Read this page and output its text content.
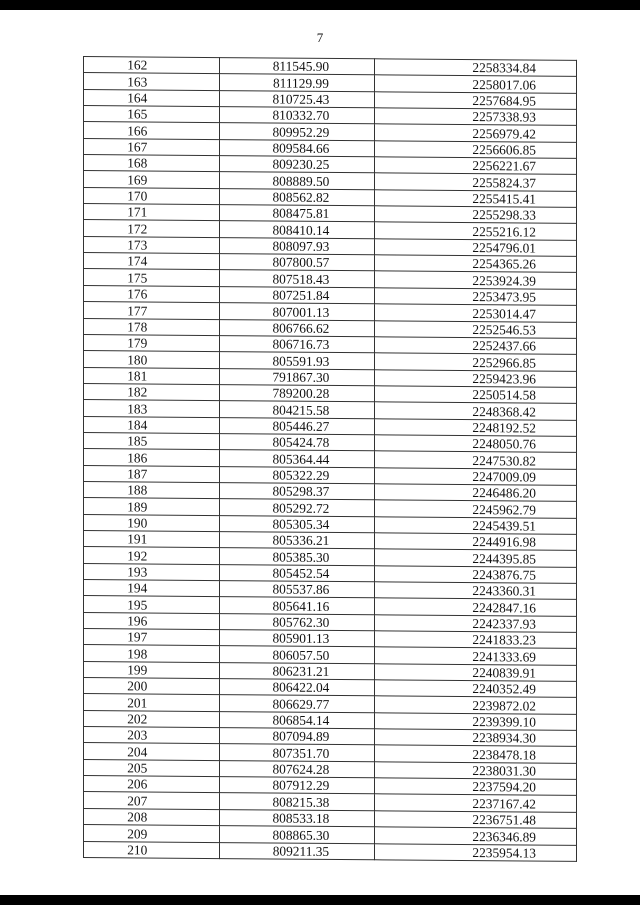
7
162	811545.90	2258334.84
163	811129.99	2258017.06
164	810725.43	2257684.95
165	810332.70	2257338.93
166	809952.29	2256979.42
167	809584.66	2256606.85
168	809230.25	2256221.67
169	808889.50	2255824.37
170	808562.82	2255415.41
171	808475.81	2255298.33
172	808410.14	2255216.12
173	808097.93	2254796.01
174	807800.57	2254365.26
175	807518.43	2253924.39
176	807251.84	2253473.95
177	807001.13	2253014.47
178	806766.62	2252546.53
179	806716.73	2252437.66
180	805591.93	2252966.85
181	791867.30	2259423.96
182	789200.28	2250514.58
183	804215.58	2248368.42
184	805446.27	2248192.52
185	805424.78	2248050.76
186	805364.44	2247530.82
187	805322.29	2247009.09
188	805298.37	2246486.20
189	805292.72	2245962.79
190	805305.34	2245439.51
191	805336.21	2244916.98
192	805385.30	2244395.85
193	805452.54	2243876.75
194	805537.86	2243360.31
195	805641.16	2242847.16
196	805762.30	2242337.93
197	805901.13	2241833.23
198	806057.50	2241333.69
199	806231.21	2240839.91
200	806422.04	2240352.49
201	806629.77	2239872.02
202	806854.14	2239399.10
203	807094.89	2238934.30
204	807351.70	2238478.18
205	807624.28	2238031.30
206	807912.29	2237594.20
207	808215.38	2237167.42
208	808533.18	2236751.48
209	808865.30	2236346.89
210	809211.35	2235954.13
